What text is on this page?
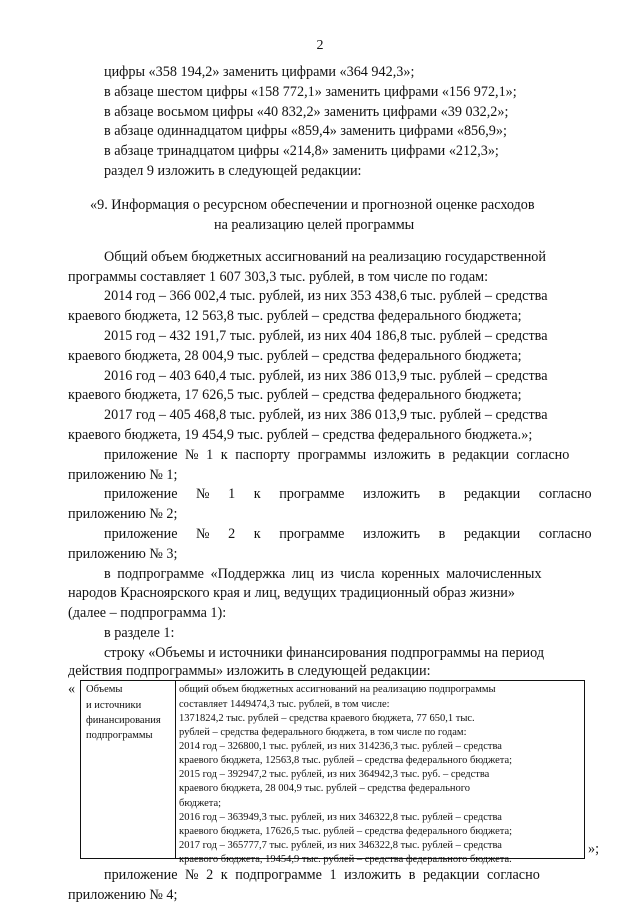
2
цифры «358 194,2» заменить цифрами «364 942,3»;
в абзаце шестом цифры «158 772,1» заменить цифрами «156 972,1»;
в абзаце восьмом цифры «40 832,2» заменить цифрами «39 032,2»;
в абзаце одиннадцатом цифры «859,4» заменить цифрами «856,9»;
в абзаце тринадцатом цифры «214,8» заменить цифрами «212,3»;
раздел 9 изложить в следующей редакции:
«9. Информация о ресурсном обеспечении и прогнозной оценке расходов
на реализацию целей программы
Общий объем бюджетных ассигнований на реализацию государственной
программы составляет 1 607 303,3 тыс. рублей, в том числе по годам:
2014 год – 366 002,4 тыс. рублей, из них 353 438,6 тыс. рублей – средства
краевого бюджета, 12 563,8 тыс. рублей – средства федерального бюджета;
2015 год – 432 191,7 тыс. рублей, из них 404 186,8 тыс. рублей – средства
краевого бюджета, 28 004,9 тыс. рублей – средства федерального бюджета;
2016 год – 403 640,4 тыс. рублей, из них 386 013,9 тыс. рублей – средства
краевого бюджета, 17 626,5 тыс. рублей – средства федерального бюджета;
2017 год – 405 468,8 тыс. рублей, из них 386 013,9 тыс. рублей – средства
краевого бюджета, 19 454,9 тыс. рублей – средства федерального бюджета.»;
приложение № 1 к паспорту программы изложить в редакции согласно
приложению № 1;
приложение № 1 к программе изложить в редакции согласно
приложению № 2;
приложение № 2 к программе изложить в редакции согласно
приложению № 3;
в подпрограмме «Поддержка лиц из числа коренных малочисленных
народов Красноярского края и лиц, ведущих традиционный образ жизни»
(далее – подпрограмма 1):
в разделе 1:
строку «Объемы и источники финансирования подпрограммы на период
действия подпрограммы» изложить в следующей редакции:
« Объемы
и источники
финансирования
подпрограммы
общий объем бюджетных ассигнований на реализацию подпрограммы
составляет 1449474,3 тыс. рублей, в том числе:
1371824,2 тыс. рублей – средства краевого бюджета, 77 650,1 тыс.
рублей – средства федерального бюджета, в том числе по годам:
2014 год – 326800,1 тыс. рублей, из них 314236,3 тыс. рублей – средства
краевого бюджета, 12563,8 тыс. рублей – средства федерального бюджета;
2015 год – 392947,2 тыс. рублей, из них 364942,3 тыс. руб. – средства
краевого бюджета, 28 004,9 тыс. рублей – средства федерального
бюджета;
2016 год – 363949,3 тыс. рублей, из них 346322,8 тыс. рублей – средства
краевого бюджета, 17626,5 тыс. рублей – средства федерального бюджета;
2017 год – 365777,7 тыс. рублей, из них 346322,8 тыс. рублей – средства
краевого бюджета, 19454,9 тыс. рублей – средства федерального бюджета.
»;
приложение № 2 к подпрограмме 1 изложить в редакции согласно
приложению № 4;
